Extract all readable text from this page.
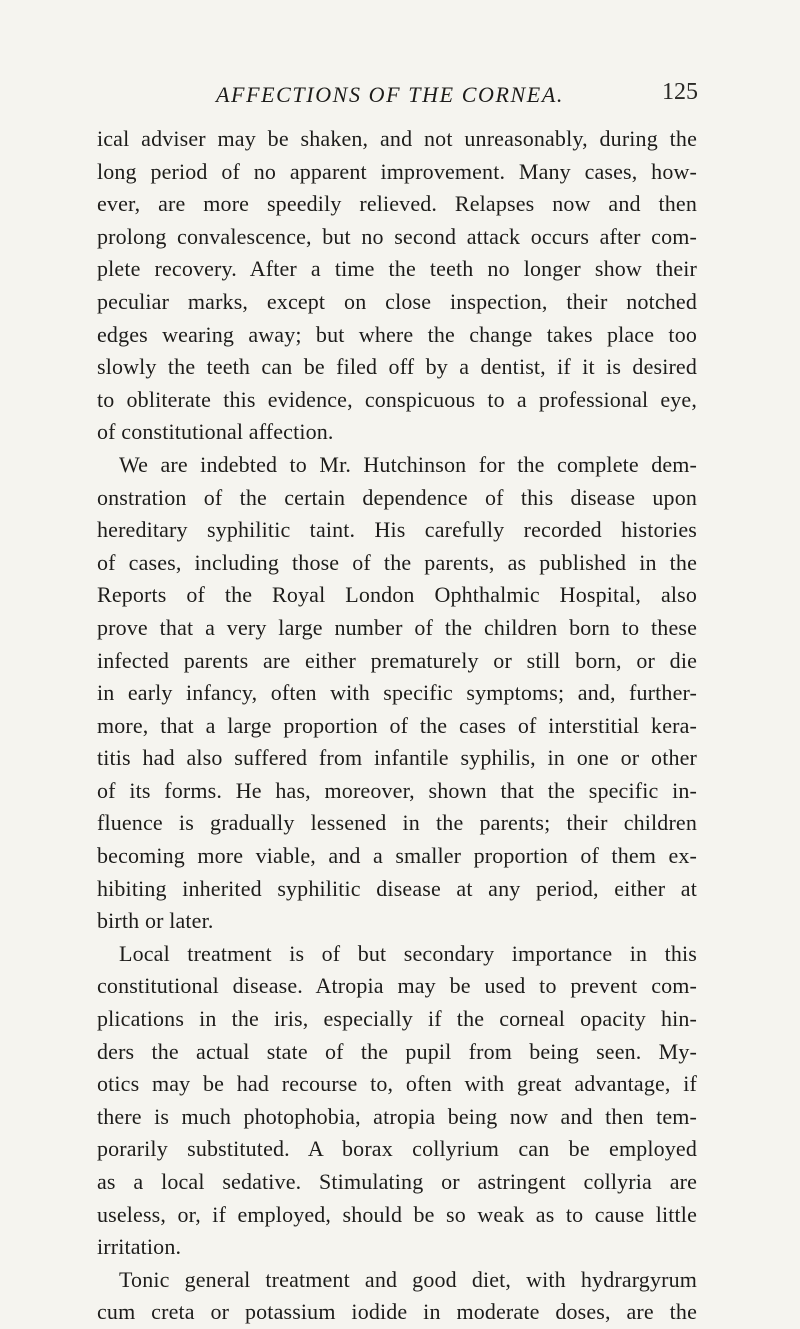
AFFECTIONS OF THE CORNEA.	125
ical adviser may be shaken, and not unreasonably, during the
long period of no apparent improvement. Many cases, how-
ever, are more speedily relieved. Relapses now and then
prolong convalescence, but no second attack occurs after com-
plete recovery. After a time the teeth no longer show their
peculiar marks, except on close inspection, their notched
edges wearing away; but where the change takes place too
slowly the teeth can be filed off by a dentist, if it is desired
to obliterate this evidence, conspicuous to a professional eye,
of constitutional affection.
We are indebted to Mr. Hutchinson for the complete dem-
onstration of the certain dependence of this disease upon
hereditary syphilitic taint. His carefully recorded histories
of cases, including those of the parents, as published in the
Reports of the Royal London Ophthalmic Hospital, also
prove that a very large number of the children born to these
infected parents are either prematurely or still born, or die
in early infancy, often with specific symptoms; and, further-
more, that a large proportion of the cases of interstitial kera-
titis had also suffered from infantile syphilis, in one or other
of its forms. He has, moreover, shown that the specific in-
fluence is gradually lessened in the parents; their children
becoming more viable, and a smaller proportion of them ex-
hibiting inherited syphilitic disease at any period, either at
birth or later.
Local treatment is of but secondary importance in this
constitutional disease. Atropia may be used to prevent com-
plications in the iris, especially if the corneal opacity hin-
ders the actual state of the pupil from being seen. My-
otics may be had recourse to, often with great advantage, if
there is much photophobia, atropia being now and then tem-
porarily substituted. A borax collyrium can be employed
as a local sedative. Stimulating or astringent collyria are
useless, or, if employed, should be so weak as to cause little
irritation.
Tonic general treatment and good diet, with hydrargyrum
cum creta or potassium iodide in moderate doses, are the
